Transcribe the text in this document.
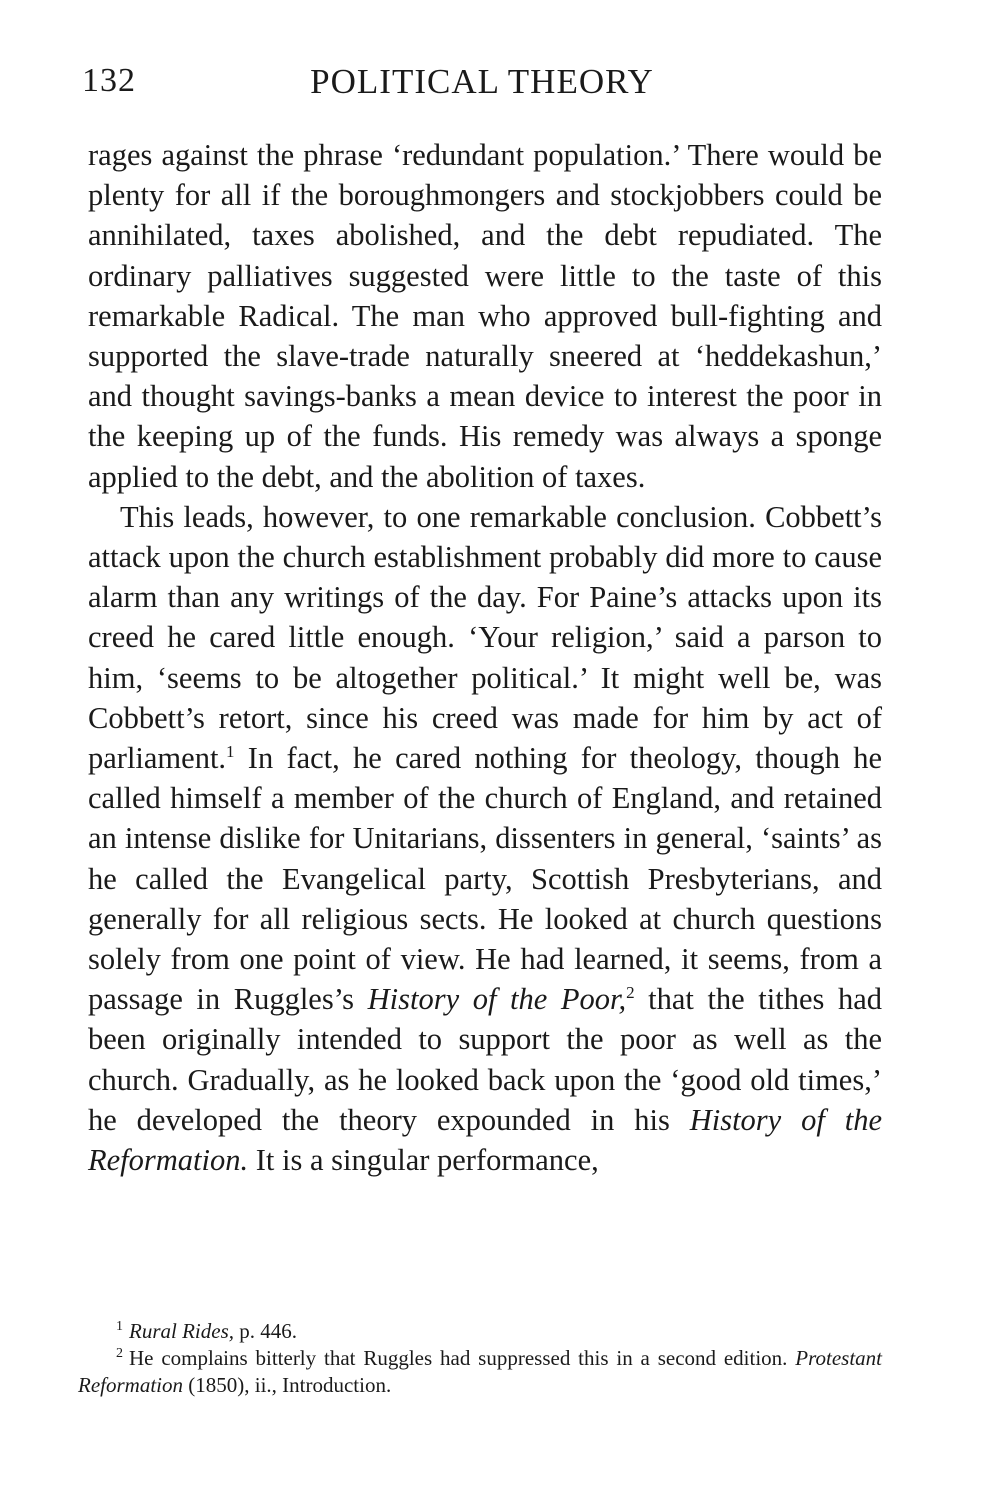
132	POLITICAL THEORY

rages against the phrase ‘redundant population.’ There would be plenty for all if the boroughmongers and stockjobbers could be annihilated, taxes abolished, and the debt repudiated. The ordinary palliatives suggested were little to the taste of this remarkable Radical. The man who approved bull-fighting and supported the slave-trade naturally sneered at ‘heddekashun,’ and thought savings-banks a mean device to interest the poor in the keeping up of the funds. His remedy was always a sponge applied to the debt, and the abolition of taxes.

This leads, however, to one remarkable conclusion. Cobbett’s attack upon the church establishment probably did more to cause alarm than any writings of the day. For Paine’s attacks upon its creed he cared little enough. ‘Your religion,’ said a parson to him, ‘seems to be altogether political.’ It might well be, was Cobbett’s retort, since his creed was made for him by act of parliament.$^1$ In fact, he cared nothing for theology, though he called himself a member of the church of England, and retained an intense dislike for Unitarians, dissenters in general, ‘saints’ as he called the Evangelical party, Scottish Presbyterians, and generally for all religious sects. He looked at church questions solely from one point of view. He had learned, it seems, from a passage in Ruggles’s History of the Poor,$^2$ that the tithes had been originally intended to support the poor as well as the church. Gradually, as he looked back upon the ‘good old times,’ he developed the theory expounded in his History of the Reformation. It is a singular performance,

$^1$ Rural Rides, p. 446.

$^2$ He complains bitterly that Ruggles had suppressed this in a second edition. Protestant Reformation (1850), ii., Introduction.
